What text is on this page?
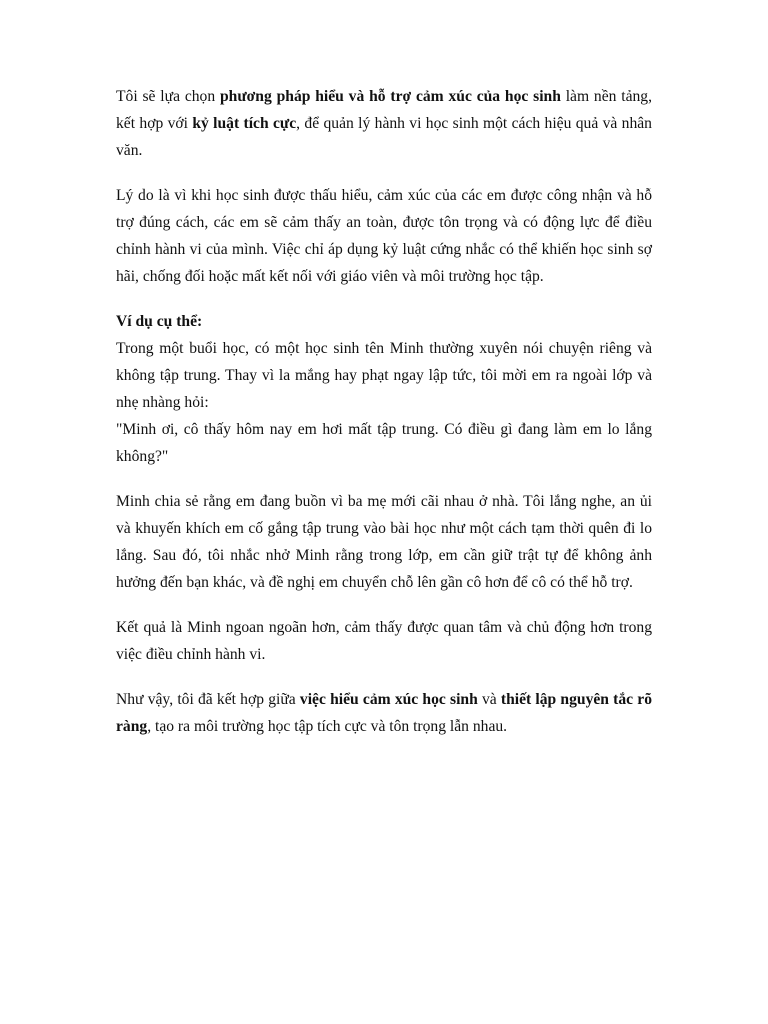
Tôi sẽ lựa chọn phương pháp hiểu và hỗ trợ cảm xúc của học sinh làm nền tảng, kết hợp với kỷ luật tích cực, để quản lý hành vi học sinh một cách hiệu quả và nhân văn.

Lý do là vì khi học sinh được thấu hiểu, cảm xúc của các em được công nhận và hỗ trợ đúng cách, các em sẽ cảm thấy an toàn, được tôn trọng và có động lực để điều chỉnh hành vi của mình. Việc chỉ áp dụng kỷ luật cứng nhắc có thể khiến học sinh sợ hãi, chống đối hoặc mất kết nối với giáo viên và môi trường học tập.

Ví dụ cụ thể:

Trong một buổi học, có một học sinh tên Minh thường xuyên nói chuyện riêng và không tập trung. Thay vì la mắng hay phạt ngay lập tức, tôi mời em ra ngoài lớp và nhẹ nhàng hỏi:

"Minh ơi, cô thấy hôm nay em hơi mất tập trung. Có điều gì đang làm em lo lắng không?"

Minh chia sẻ rằng em đang buồn vì ba mẹ mới cãi nhau ở nhà. Tôi lắng nghe, an ủi và khuyến khích em cố gắng tập trung vào bài học như một cách tạm thời quên đi lo lắng. Sau đó, tôi nhắc nhở Minh rằng trong lớp, em cần giữ trật tự để không ảnh hưởng đến bạn khác, và đề nghị em chuyển chỗ lên gần cô hơn để cô có thể hỗ trợ.

Kết quả là Minh ngoan ngoãn hơn, cảm thấy được quan tâm và chủ động hơn trong việc điều chỉnh hành vi.

Như vậy, tôi đã kết hợp giữa việc hiểu cảm xúc học sinh và thiết lập nguyên tắc rõ ràng, tạo ra môi trường học tập tích cực và tôn trọng lẫn nhau.
